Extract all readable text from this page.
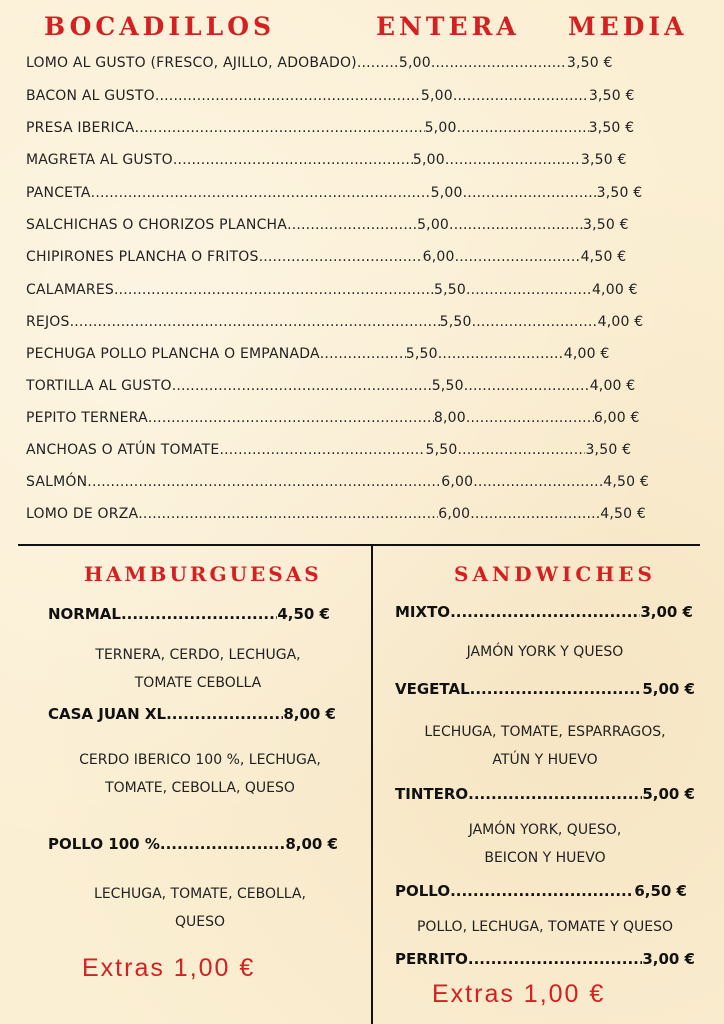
BOCADILLOS	ENTERA MEDIA
LOMO AL GUSTO (FRESCO, AJILLO, ADOBADO) .....	5,00 .....	3,50 €
BACON AL GUSTO .....	5,00 .....	3,50 €
PRESA IBERICA .....	5,00 .....	3,50 €
MAGRETA AL GUSTO .....	5,00 .....	3,50 €
PANCETA .....	5,00 .....	3,50 €
SALCHICHAS O CHORIZOS PLANCHA .....	5,00 .....	3,50 €
CHIPIRONES PLANCHA O FRITOS .....	6,00 .....	4,50 €
CALAMARES .....	5,50 .....	4,00 €
REJOS .....	5,50 .....	4,00 €
PECHUGA POLLO PLANCHA O EMPANADA .....	5,50 .....	4,00 €
TORTILLA AL GUSTO .....	5,50 .....	4,00 €
PEPITO TERNERA .....	8,00 .....	6,00 €
ANCHOAS O ATÚN TOMATE .....	5,50 .....	3,50 €
SALMÓN .....	6,00 .....	4,50 €
LOMO DE ORZA .....	6,00 .....	4,50 €
HAMBURGUESAS
NORMAL .....	4,50 €
TERNERA, CERDO, LECHUGA,
TOMATE CEBOLLA
CASA JUAN XL .....	8,00 €
CERDO IBERICO 100 %, LECHUGA,
TOMATE, CEBOLLA, QUESO
POLLO 100 % .....	8,00 €
LECHUGA, TOMATE, CEBOLLA,
QUESO
Extras 1,00 €
SANDWICHES
MIXTO .....	3,00 €
JAMÓN YORK Y QUESO
VEGETAL .....	5,00 €
LECHUGA, TOMATE, ESPARRAGOS,
ATÚN Y HUEVO
TINTERO .....	5,00 €
JAMÓN YORK, QUESO,
BEICON Y HUEVO
POLLO .....	6,50 €
POLLO, LECHUGA, TOMATE Y QUESO
PERRITO .....	3,00 €
Extras 1,00 €
